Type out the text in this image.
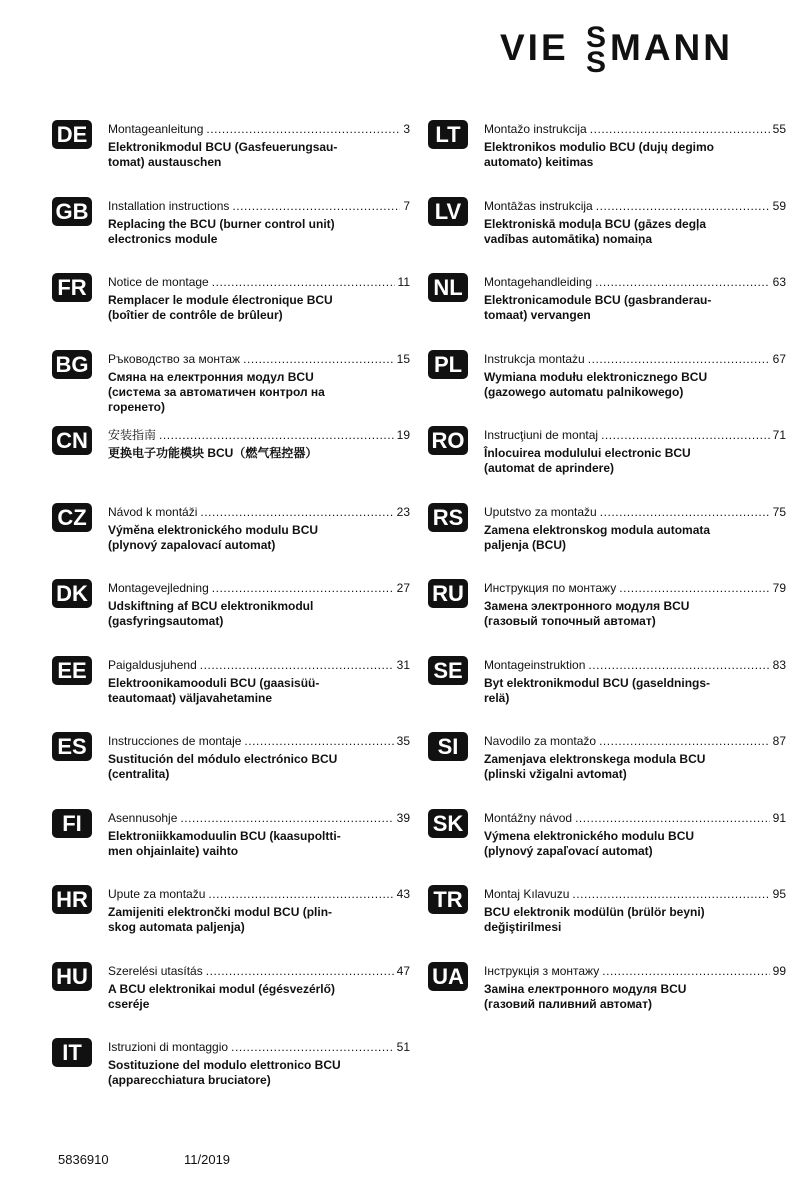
VIE S
S MANN
VIESSMANN
DE	Montageanleitung . . .	3
Elektronikmodul BCU (Gasfeuerungsau-
tomat) austauschen
GB Installation instructions . . .	7
Replacing the BCU (burner control unit)
electronics module
FR	Notice de montage . . .	11
Remplacer le module électronique BCU
(boîtier de contrôle de brûleur)
BG Ръководство за монтаж . . .	15
Смяна на електронния модул BCU
(система за автоматичен контрол на
горенето)
CN	安装指南 . . .	19
更换电子功能模块 BCU（燃气程控器）
CZ	Návod k montáži . . .	23
Výměna elektronického modulu BCU
(plynový zapalovací automat)
DK	Montagevejledning . . .	27
Udskiftning af BCU elektronikmodul
(gasfyringsautomat)
EE	Paigaldusjuhend . . .	31
Elektroonikamooduli BCU (gaasisüü-
teautomaat) väljavahetamine
ES	Instrucciones de montaje . . .	35
Sustitución del módulo electrónico BCU
(centralita)
FI	Asennusohje . . .	39
Elektroniikkamoduulin BCU (kaasupoltti-
men ohjainlaite) vaihto
HR	Upute za montažu . . .	43
Zamijeniti elektrončki modul BCU (plin-
skog automata paljenja)
HU	Szerelési utasítás . . .	47
A BCU elektronikai modul (égésvezérlő)
cseréje
IT	Istruzioni di montaggio . . .	51
Sostituzione del modulo elettronico BCU
(apparecchiatura bruciatore)
LT	Montažo instrukcija . . .	55
Elektronikos modulio BCU (dujų degimo
automato) keitimas
LV	Montāžas instrukcija . . .	59
Elektroniskā moduļa BCU (gāzes degļa
vadības automātika) nomaiņa
NL	Montagehandleiding . . .	63
Elektronicamodule BCU (gasbranderau-
tomaat) vervangen
PL	Instrukcja montażu . . .	67
Wymiana modułu elektronicznego BCU
(gazowego automatu palnikowego)
RO Instrucţiuni de montaj . . .	71
Înlocuirea modulului electronic BCU
(automat de aprindere)
RS	Uputstvo za montažu . . .	75
Zamena elektronskog modula automata
paljenja (BCU)
RU	Инструкция по монтажу . . .	79
Замена электронного модуля BCU
(газовый топочный автомат)
SE	Montageinstruktion . . .	83
Byt elektronikmodul BCU (gaseldnings-
relä)
SI	Navodilo za montažo . . .	87
Zamenjava elektronskega modula BCU
(plinski vžigalni avtomat)
SK	Montážny návod . . .	91
Výmena elektronického modulu BCU
(plynový zapaľovací automat)
TR	Montaj Kılavuzu . . .	95
BCU elektronik modülün (brülör beyni)
değiştirilmesi
UA	Інструкція з монтажу . . .	99
Заміна електронного модуля BCU
(газовий паливний автомат)
5836910	11/2019
